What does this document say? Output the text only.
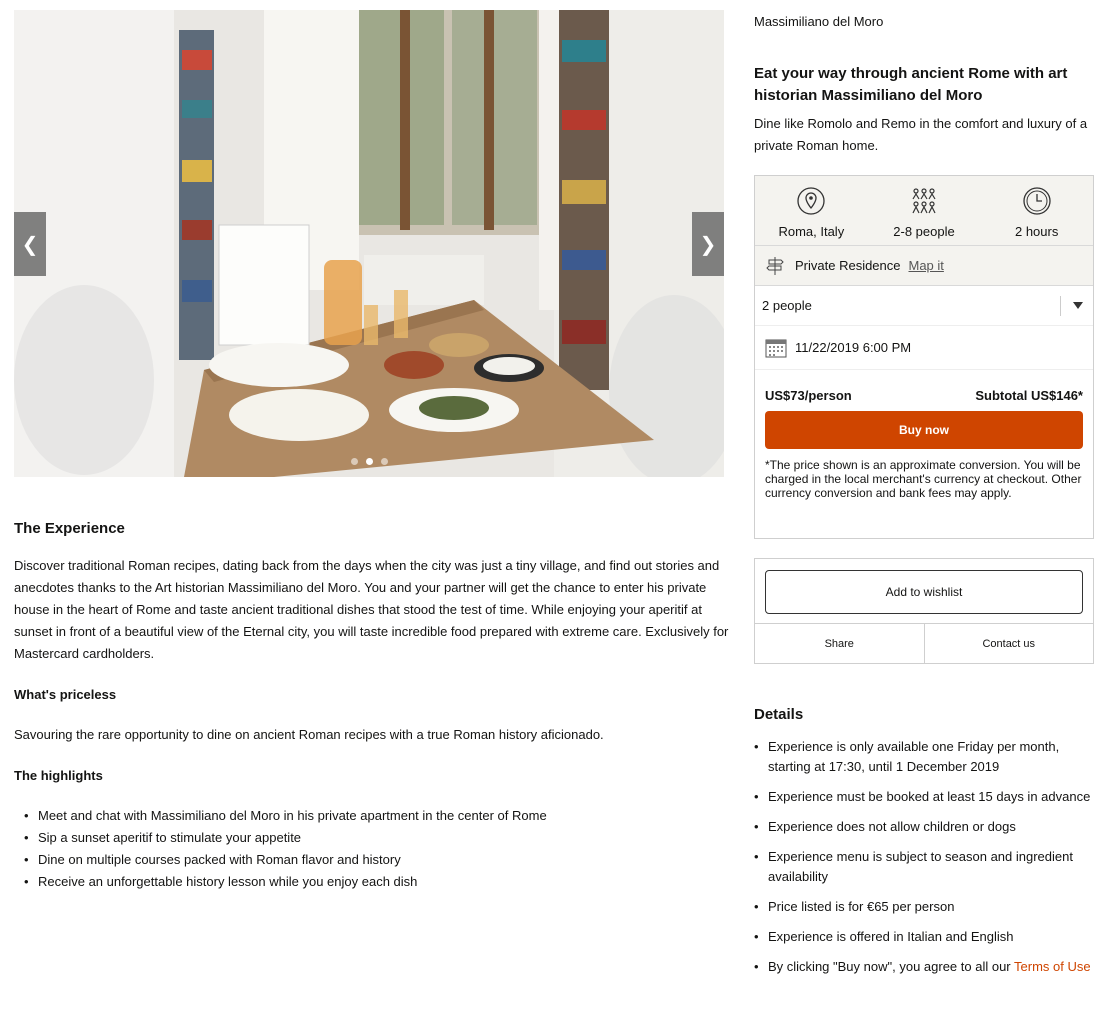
❮	❯
The Experience

Discover traditional Roman recipes, dating back from the days when the city was just a tiny village, and find out stories and anecdotes thanks to the Art historian Massimiliano del Moro. You and your partner will get the chance to enter his private house in the heart of Rome and taste ancient traditional dishes that stood the test of time. While enjoying your aperitif at sunset in front of a beautiful view of the Eternal city, you will taste incredible food prepared with extreme care. Exclusively for Mastercard cardholders.

What's priceless

Savouring the rare opportunity to dine on ancient Roman recipes with a true Roman history aficionado.

The highlights
• Meet and chat with Massimiliano del Moro in his private apartment in the center of Rome
• Sip a sunset aperitif to stimulate your appetite
• Dine on multiple courses packed with Roman flavor and history
• Receive an unforgettable history lesson while you enjoy each dish
Massimiliano del Moro
Eat your way through ancient Rome with art historian Massimiliano del Moro
Dine like Romolo and Remo in the comfort and luxury of a private Roman home.
Roma, Italy	2-8 people	2 hours
Private Residence Map it
2 people
11/22/2019 6:00 PM
US$73/person	Subtotal US$146*
Buy now

*The price shown is an approximate conversion. You will be charged in the local merchant's currency at checkout. Other currency conversion and bank fees may apply.

Add to wishlist
Share	Contact us
Details
• Experience is only available one Friday per month, starting at 17:30, until 1 December 2019
• Experience must be booked at least 15 days in advance
• Experience does not allow children or dogs
• Experience menu is subject to season and ingredient availability
• Price listed is for €65 per person
• Experience is offered in Italian and English
• By clicking "Buy now", you agree to all our Terms of Use
